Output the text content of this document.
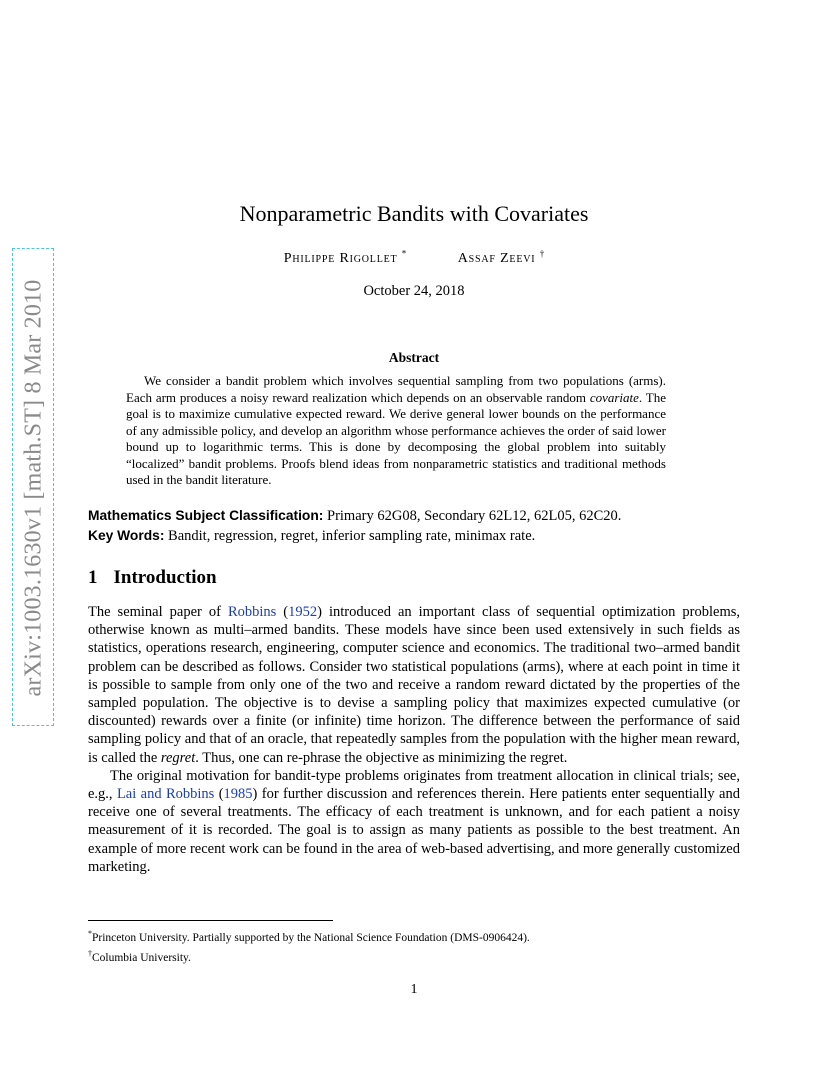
arXiv:1003.1630v1 [math.ST] 8 Mar 2010
Nonparametric Bandits with Covariates
Philippe Rigollet *	Assaf Zeevi †
October 24, 2018
Abstract
We consider a bandit problem which involves sequential sampling from two populations (arms). Each arm produces a noisy reward realization which depends on an observable random covariate. The goal is to maximize cumulative expected reward. We derive general lower bounds on the performance of any admissible policy, and develop an algorithm whose performance achieves the order of said lower bound up to logarithmic terms. This is done by decomposing the global problem into suitably “localized” bandit problems. Proofs blend ideas from nonparametric statistics and traditional methods used in the bandit literature.
Mathematics Subject Classification: Primary 62G08, Secondary 62L12, 62L05, 62C20.
Key Words: Bandit, regression, regret, inferior sampling rate, minimax rate.
1 Introduction

The seminal paper of Robbins (1952) introduced an important class of sequential optimization problems, otherwise known as multi–armed bandits. These models have since been used extensively in such fields as statistics, operations research, engineering, computer science and economics. The traditional two–armed bandit problem can be described as follows. Consider two statistical populations (arms), where at each point in time it is possible to sample from only one of the two and receive a random reward dictated by the properties of the sampled population. The objective is to devise a sampling policy that maximizes expected cumulative (or discounted) rewards over a finite (or infinite) time horizon. The difference between the performance of said sampling policy and that of an oracle, that repeatedly samples from the population with the higher mean reward, is called the regret. Thus, one can re-phrase the objective as minimizing the regret.

The original motivation for bandit-type problems originates from treatment allocation in clinical trials; see, e.g., Lai and Robbins (1985) for further discussion and references therein. Here patients enter sequentially and receive one of several treatments. The efficacy of each treatment is unknown, and for each patient a noisy measurement of it is recorded. The goal is to assign as many patients as possible to the best treatment. An example of more recent work can be found in the area of web-based advertising, and more generally customized marketing.

*Princeton University. Partially supported by the National Science Foundation (DMS-0906424).
†Columbia University.
1
